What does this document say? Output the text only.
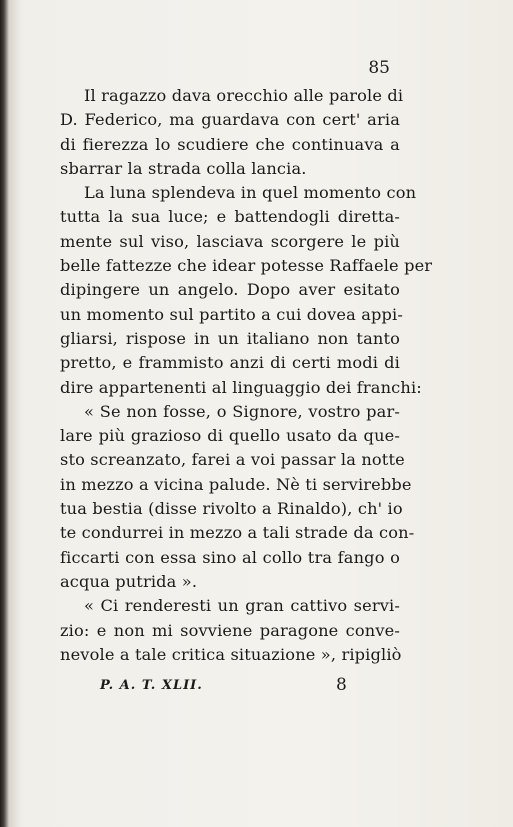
85
Il ragazzo dava orecchio alle parole di
D. Federico, ma guardava con cert' aria
di fierezza lo scudiere che continuava a
sbarrar la strada colla lancia.
La luna splendeva in quel momento con
tutta la sua luce; e battendogli diretta-
mente sul viso, lasciava scorgere le più
belle fattezze che idear potesse Raffaele per
dipingere un angelo. Dopo aver esitato
un momento sul partito a cui dovea appi-
gliarsi, rispose in un italiano non tanto
pretto, e frammisto anzi di certi modi di
dire appartenenti al linguaggio dei franchi:
« Se non fosse, o Signore, vostro par-
lare più grazioso di quello usato da que-
sto screanzato, farei a voi passar la notte
in mezzo a vicina palude. Nè ti servirebbe
tua bestia (disse rivolto a Rinaldo), ch' io
te condurrei in mezzo a tali strade da con-
ficcarti con essa sino al collo tra fango o
acqua putrida ».
« Ci renderesti un gran cattivo servi-
zio: e non mi sovviene paragone conve-
nevole a tale critica situazione », ripigliò
P. A. T. XLII.	8
